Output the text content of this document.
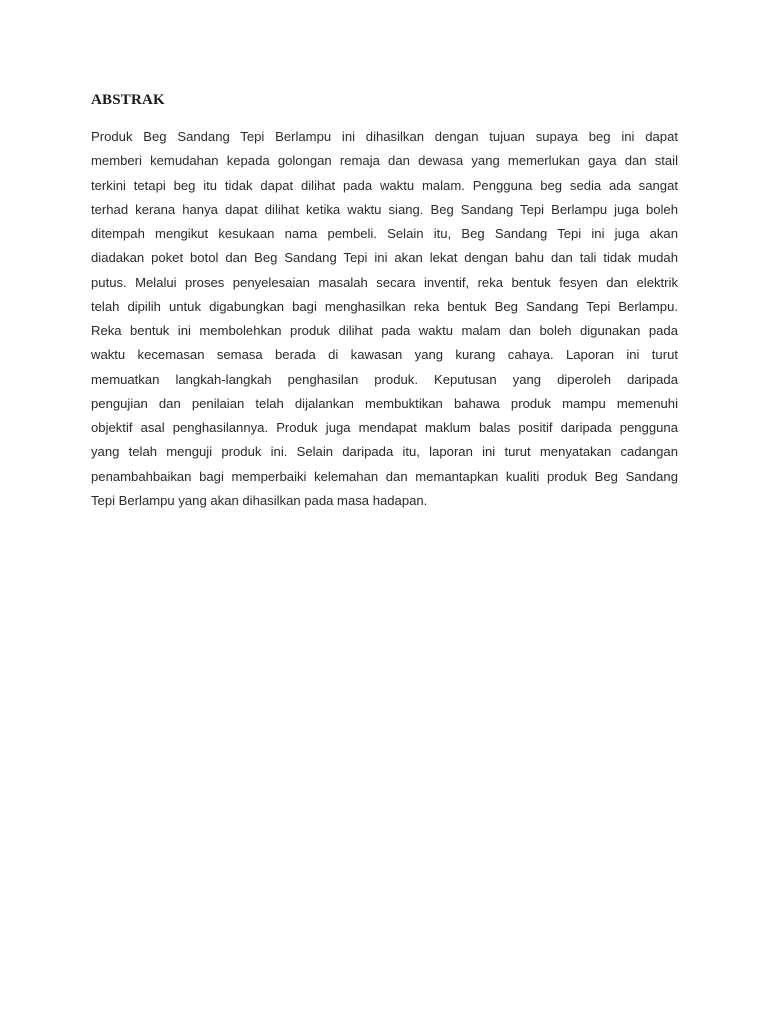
ABSTRAK
Produk Beg Sandang Tepi Berlampu ini dihasilkan dengan tujuan supaya beg ini dapat
memberi kemudahan kepada golongan remaja dan dewasa yang memerlukan gaya dan stail
terkini tetapi beg itu tidak dapat dilihat pada waktu malam. Pengguna beg sedia ada sangat
terhad kerana hanya dapat dilihat ketika waktu siang. Beg Sandang Tepi Berlampu juga boleh
ditempah mengikut kesukaan nama pembeli. Selain itu, Beg Sandang Tepi ini juga akan
diadakan poket botol dan Beg Sandang Tepi ini akan lekat dengan bahu dan tali tidak mudah
putus. Melalui proses penyelesaian masalah secara inventif, reka bentuk fesyen dan elektrik
telah dipilih untuk digabungkan bagi menghasilkan reka bentuk Beg Sandang Tepi Berlampu.
Reka bentuk ini membolehkan produk dilihat pada waktu malam dan boleh digunakan pada
waktu kecemasan semasa berada di kawasan yang kurang cahaya. Laporan ini turut
memuatkan langkah-langkah penghasilan produk. Keputusan yang diperoleh daripada
pengujian dan penilaian telah dijalankan membuktikan bahawa produk mampu memenuhi
objektif asal penghasilannya. Produk juga mendapat maklum balas positif daripada pengguna
yang telah menguji produk ini. Selain daripada itu, laporan ini turut menyatakan cadangan
penambahbaikan bagi memperbaiki kelemahan dan memantapkan kualiti produk Beg Sandang
Tepi Berlampu yang akan dihasilkan pada masa hadapan.
